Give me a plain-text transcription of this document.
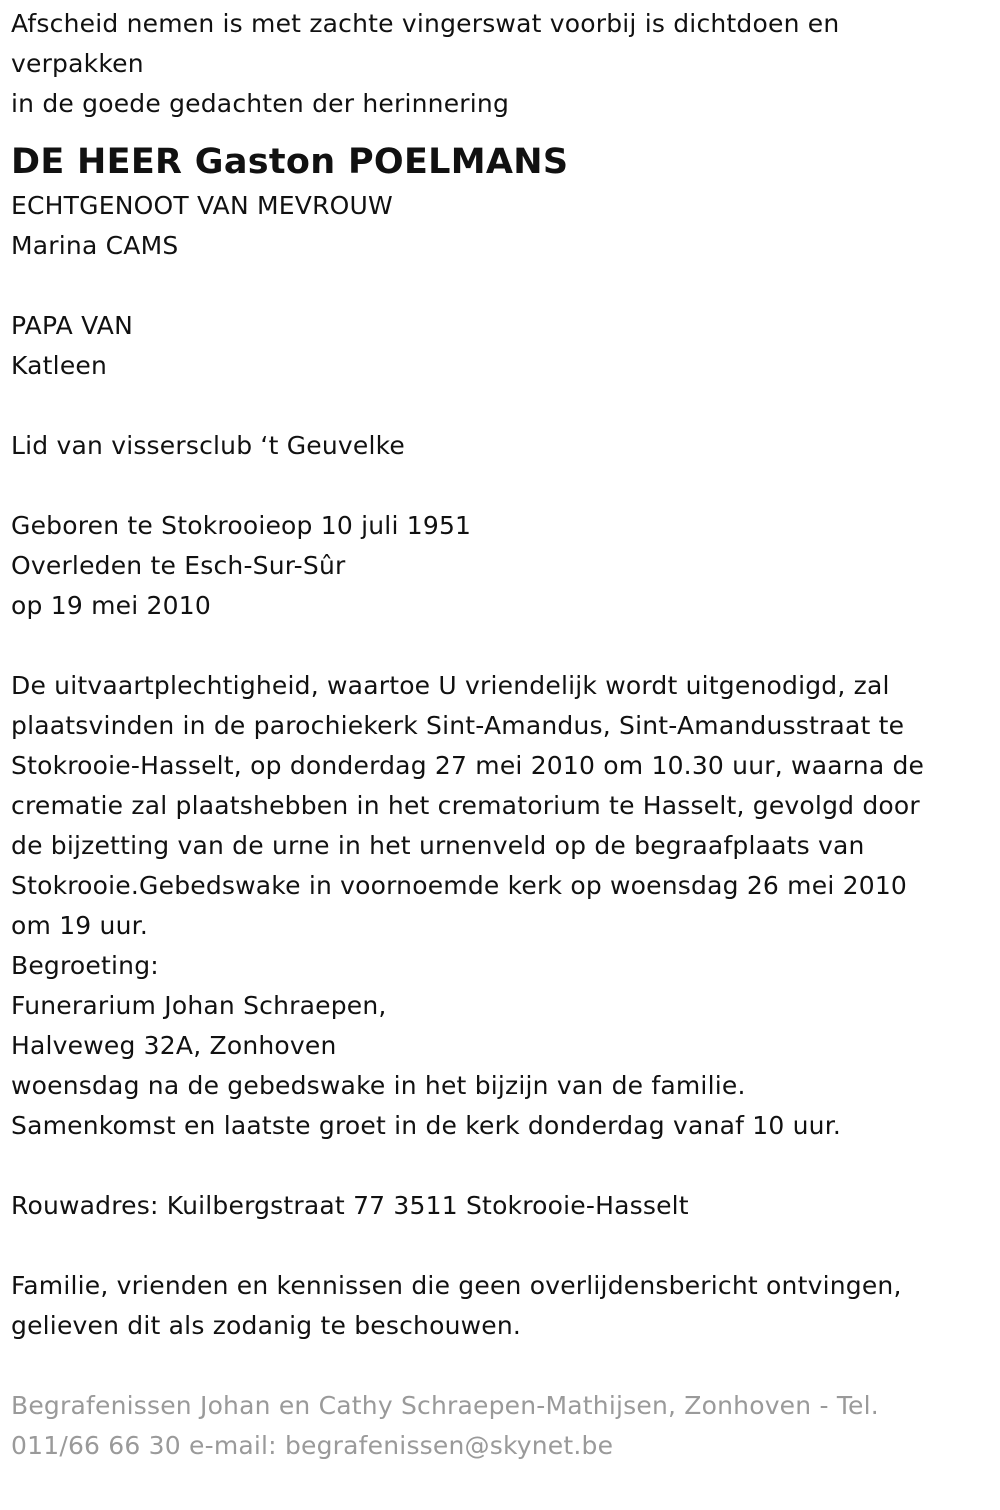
Afscheid nemen is met zachte vingerswat voorbij is dichtdoen en
verpakken
in de goede gedachten der herinnering
DE HEER Gaston POELMANS
ECHTGENOOT VAN MEVROUW
Marina CAMS
PAPA VAN
Katleen
Lid van vissersclub ‘t Geuvelke
Geboren te Stokrooieop 10 juli 1951
Overleden te Esch-Sur-Sûr
op 19 mei 2010
De uitvaartplechtigheid, waartoe U vriendelijk wordt uitgenodigd, zal
plaatsvinden in de parochiekerk Sint-Amandus, Sint-Amandusstraat te
Stokrooie-Hasselt, op donderdag 27 mei 2010 om 10.30 uur, waarna de
crematie zal plaatshebben in het crematorium te Hasselt, gevolgd door
de bijzetting van de urne in het urnenveld op de begraafplaats van
Stokrooie.Gebedswake in voornoemde kerk op woensdag 26 mei 2010
om 19 uur.
Begroeting:
Funerarium Johan Schraepen,
Halveweg 32A, Zonhoven
woensdag na de gebedswake in het bijzijn van de familie.
Samenkomst en laatste groet in de kerk donderdag vanaf 10 uur.
Rouwadres: Kuilbergstraat 77 3511 Stokrooie-Hasselt
Familie, vrienden en kennissen die geen overlijdensbericht ontvingen,
gelieven dit als zodanig te beschouwen.
Begrafenissen Johan en Cathy Schraepen-Mathijsen, Zonhoven - Tel.
011/66 66 30 e-mail: begrafenissen@skynet.be
